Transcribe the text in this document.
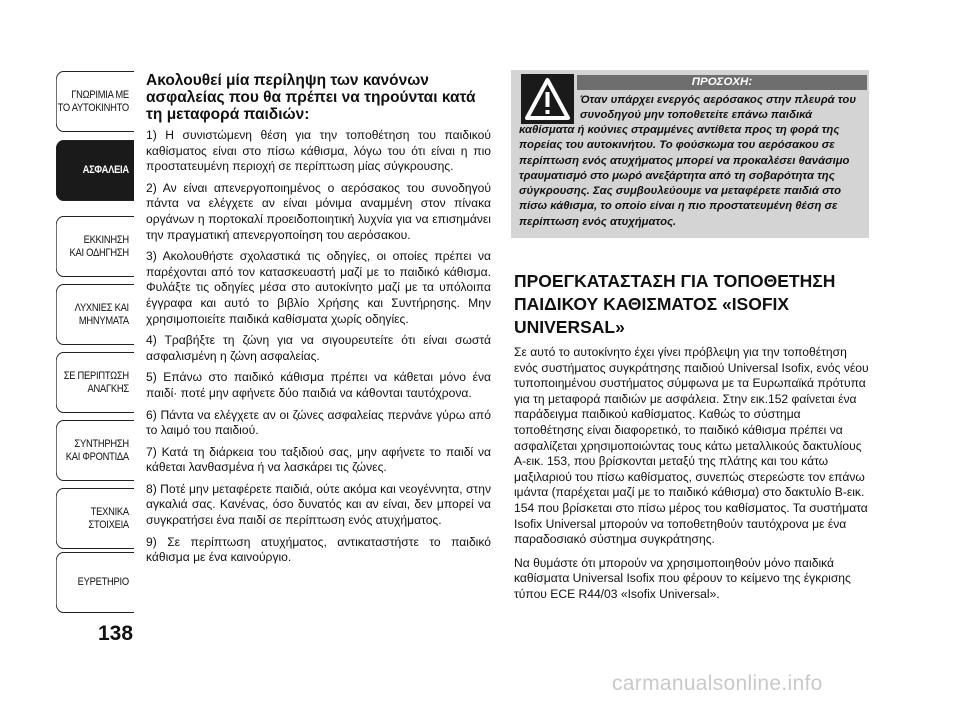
ΓΝΩΡΙΜΙΑ ΜΕ
ΤΟ ΑΥΤΟΚΙΝΗΤΟ
ΑΣΦΑΛΕΙΑ
ΕΚΚΙΝΗΣΗ
ΚΑΙ ΟΔΗΓΗΣΗ
ΛΥΧΝΙΕΣ ΚΑΙ
ΜΗΝΥΜΑΤΑ
ΣΕ ΠΕΡΙΠΤΩΣΗ
ΑΝΑΓΚΗΣ
ΣΥΝΤΗΡΗΣΗ
ΚΑΙ ΦΡΟΝΤΙΔΑ
ΤΕΧΝΙΚΑ
ΣΤΟΙΧΕΙΑ
ΕΥΡΕΤΗΡΙΟ
138
Ακολουθεί μία περίληψη των κανόνων ασφαλείας που θα πρέπει να τηρούνται κατά τη μεταφορά παιδιών:
1) Η συνιστώμενη θέση για την τοποθέτηση του παιδικού καθίσματος είναι στο πίσω κάθισμα, λόγω του ότι είναι η πιο προστατευμένη περιοχή σε περίπτωση μίας σύγκρουσης.
2) Αν είναι απενεργοποιημένος ο αερόσακος του συνοδηγού πάντα να ελέγχετε αν είναι μόνιμα αναμμένη στον πίνακα οργάνων η πορτοκαλί προειδοποιητική λυχνία για να επισημάνει την πραγματική απενεργοποίηση του αερόσακου.
3) Ακολουθήστε σχολαστικά τις οδηγίες, οι οποίες πρέπει να παρέχονται από τον κατασκευαστή μαζί με το παιδικό κάθισμα. Φυλάξτε τις οδηγίες μέσα στο αυτοκίνητο μαζί με τα υπόλοιπα έγγραφα και αυτό το βιβλίο Χρήσης και Συντήρησης. Μην χρησιμοποιείτε παιδικά καθίσματα χωρίς οδηγίες.
4) Τραβήξτε τη ζώνη για να σιγουρευτείτε ότι είναι σωστά ασφαλισμένη η ζώνη ασφαλείας.
5) Επάνω στο παιδικό κάθισμα πρέπει να κάθεται μόνο ένα παιδί· ποτέ μην αφήνετε δύο παιδιά να κάθονται ταυτόχρονα.
6) Πάντα να ελέγχετε αν οι ζώνες ασφαλείας περνάνε γύρω από το λαιμό του παιδιού.
7) Κατά τη διάρκεια του ταξιδιού σας, μην αφήνετε το παιδί να κάθεται λανθασμένα ή να λασκάρει τις ζώνες.
8) Ποτέ μην μεταφέρετε παιδιά, ούτε ακόμα και νεογέννητα, στην αγκαλιά σας. Κανένας, όσο δυνατός και αν είναι, δεν μπορεί να συγκρατήσει ένα παιδί σε περίπτωση ενός ατυχήματος.
9) Σε περίπτωση ατυχήματος, αντικαταστήστε το παιδικό κάθισμα με ένα καινούργιο.
ΠΡΟΣΟΧΗ:
Όταν υπάρχει ενεργός αερόσακος στην πλευρά του συνοδηγού μην τοποθετείτε επάνω παιδικά
καθίσματα ή κούνιες στραμμένες αντίθετα προς τη φορά της πορείας του αυτοκινήτου. Το φούσκωμα του αερόσακου σε περίπτωση ενός ατυχήματος μπορεί να προκαλέσει θανάσιμο τραυματισμό στο μωρό ανεξάρτητα από τη σοβαρότητα της σύγκρουσης. Σας συμβουλεύουμε να μεταφέρετε παιδιά στο πίσω κάθισμα, το οποίο είναι η πιο προστατευμένη θέση σε περίπτωση ενός ατυχήματος.
ΠΡΟΕΓΚΑΤΑΣΤΑΣΗ ΓΙΑ ΤΟΠΟΘΕΤΗΣΗ ΠΑΙΔΙΚΟΥ ΚΑΘΙΣΜΑΤΟΣ «ISOFIX UNIVERSAL»
Σε αυτό το αυτοκίνητο έχει γίνει πρόβλεψη για την τοποθέτηση ενός συστήματος συγκράτησης παιδιού Universal Isofix, ενός νέου τυποποιημένου συστήματος σύμφωνα με τα Ευρωπαϊκά πρότυπα για τη μεταφορά παιδιών με ασφάλεια. Στην εικ.152 φαίνεται ένα παράδειγμα παιδικού καθίσματος. Καθώς το σύστημα τοποθέτησης είναι διαφορετικό, το παιδικό κάθισμα πρέπει να ασφαλίζεται χρησιμοποιώντας τους κάτω μεταλλικούς δακτυλίους Α-εικ. 153, που βρίσκονται μεταξύ της πλάτης και του κάτω μαξιλαριού του πίσω καθίσματος, συνεπώς στερεώστε τον επάνω ιμάντα (παρέχεται μαζί με το παιδικό κάθισμα) στο δακτυλίο Β-εικ. 154 που βρίσκεται στο πίσω μέρος του καθίσματος. Τα συστήματα Isofix Universal μπορούν να τοποθετηθούν ταυτόχρονα με ένα παραδοσιακό σύστημα συγκράτησης.
Να θυμάστε ότι μπορούν να χρησιμοποιηθούν μόνο παιδικά καθίσματα Universal Isofix που φέρουν το κείμενο της έγκρισης τύπου ECE R44/03 «Isofix Universal».
carmanualsonline.info
